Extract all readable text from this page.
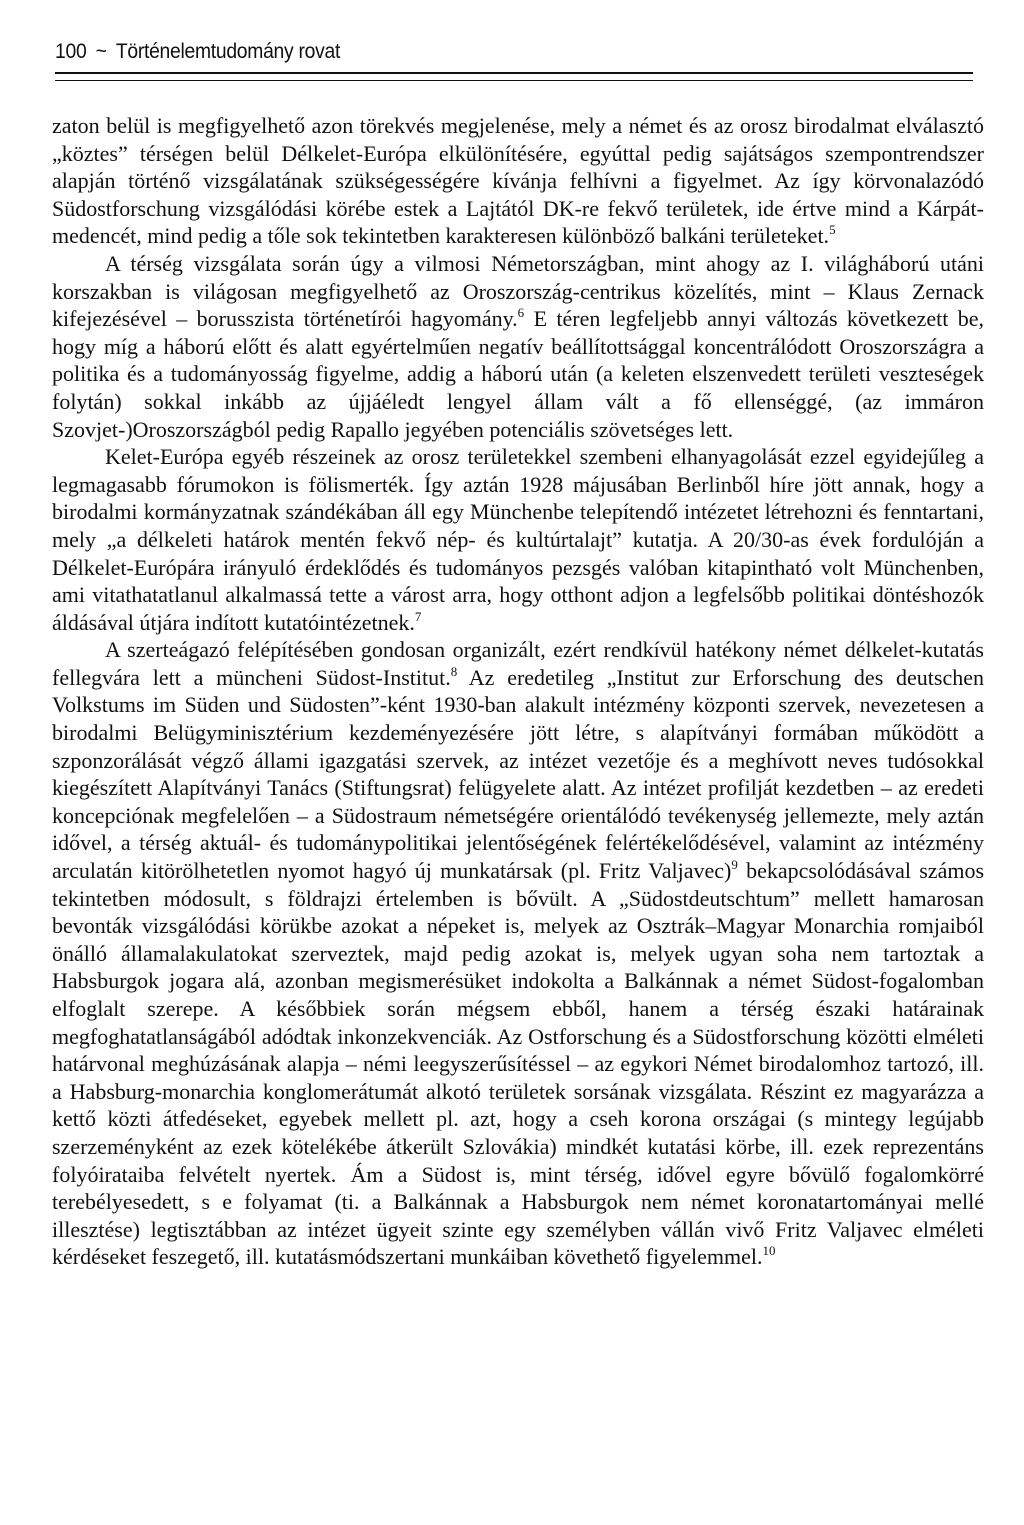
100 ~ Történelemtudomány rovat

zaton belül is megfigyelhető azon törekvés megjelenése, mely a német és az orosz birodalmat elválasztó „köztes” térségen belül Délkelet-Európa elkülönítésére, egyúttal pedig sajátságos szempontrendszer alapján történő vizsgálatának szükségességére kívánja felhívni a figyelmet. Az így körvonalazódó Südostforschung vizsgálódási körébe estek a Lajtától DK-re fekvő területek, ide értve mind a Kárpát-medencét, mind pedig a tőle sok tekintetben karakteresen különböző balkáni területeket.$^5$

A térség vizsgálata során úgy a vilmosi Németországban, mint ahogy az I. világháború utáni korszakban is világosan megfigyelhető az Oroszország-centrikus közelítés, mint – Klaus Zernack kifejezésével – borusszista történetírói hagyomány.$^6$ E téren legfeljebb annyi változás következett be, hogy míg a háború előtt és alatt egyértelműen negatív beállítottsággal koncentrálódott Oroszországra a politika és a tudományosság figyelme, addig a háború után (a keleten elszenvedett területi veszteségek folytán) sokkal inkább az újjáéledt lengyel állam vált a fő ellenséggé, (az immáron Szovjet-)Oroszországból pedig Rapallo jegyében potenciális szövetséges lett.

Kelet-Európa egyéb részeinek az orosz területekkel szembeni elhanyagolását ezzel egyidejűleg a legmagasabb fórumokon is fölismerték. Így aztán 1928 májusában Berlinből híre jött annak, hogy a birodalmi kormányzatnak szándékában áll egy Münchenbe telepítendő intézetet létrehozni és fenntartani, mely „a délkeleti határok mentén fekvő nép- és kultúrtalajt” kutatja. A 20/30-as évek fordulóján a Délkelet-Európára irányuló érdeklődés és tudományos pezsgés valóban kitapintható volt Münchenben, ami vitathatatlanul alkalmassá tette a várost arra, hogy otthont adjon a legfelsőbb politikai döntéshozók áldásával útjára indított kutatóintézetnek.$^7$

A szerteágazó felépítésében gondosan organizált, ezért rendkívül hatékony német délkelet-kutatás fellegvára lett a müncheni Südost-Institut.$^8$ Az eredetileg „Institut zur Erforschung des deutschen Volkstums im Süden und Südosten”-ként 1930-ban alakult intézmény központi szervek, nevezetesen a birodalmi Belügyminisztérium kezdeményezésére jött létre, s alapítványi formában működött a szponzorálását végző állami igazgatási szervek, az intézet vezetője és a meghívott neves tudósokkal kiegészített Alapítványi Tanács (Stiftungsrat) felügyelete alatt. Az intézet profilját kezdetben – az eredeti koncepciónak megfelelően – a Südostraum németségére orientálódó tevékenység jellemezte, mely aztán idővel, a térség aktuál- és tudománypolitikai jelentőségének felértékelődésével, valamint az intézmény arculatán kitörölhetetlen nyomot hagyó új munkatársak (pl. Fritz Valjavec)$^9$ bekapcsolódásával számos tekintetben módosult, s földrajzi értelemben is bővült. A „Südostdeutschtum” mellett hamarosan bevonták vizsgálódási körükbe azokat a népeket is, melyek az Osztrák–Magyar Monarchia romjaiból önálló államalakulatokat szerveztek, majd pedig azokat is, melyek ugyan soha nem tartoztak a Habsburgok jogara alá, azonban megismerésüket indokolta a Balkánnak a német Südost-fogalomban elfoglalt szerepe. A későbbiek során mégsem ebből, hanem a térség északi határainak megfoghatatlanságából adódtak inkonzekvenciák. Az Ostforschung és a Südostforschung közötti elméleti határvonal meghúzásának alapja – némi leegyszerűsítéssel – az egykori Német birodalomhoz tartozó, ill. a Habsburg-monarchia konglomerátumát alkotó területek sorsának vizsgálata. Részint ez magyarázza a kettő közti átfedéseket, egyebek mellett pl. azt, hogy a cseh korona országai (s mintegy legújabb szerzeményként az ezek kötelékébe átkerült Szlovákia) mindkét kutatási körbe, ill. ezek reprezentáns folyóirataiba felvételt nyertek. Ám a Südost is, mint térség, idővel egyre bővülő fogalomkörré terebélyesedett, s e folyamat (ti. a Balkánnak a Habsburgok nem német koronatartományai mellé illesztése) legtisztábban az intézet ügyeit szinte egy személyben vállán vivő Fritz Valjavec elméleti kérdéseket feszegető, ill. kutatásmódszertani munkáiban követhető figyelemmel.$^{10}$
